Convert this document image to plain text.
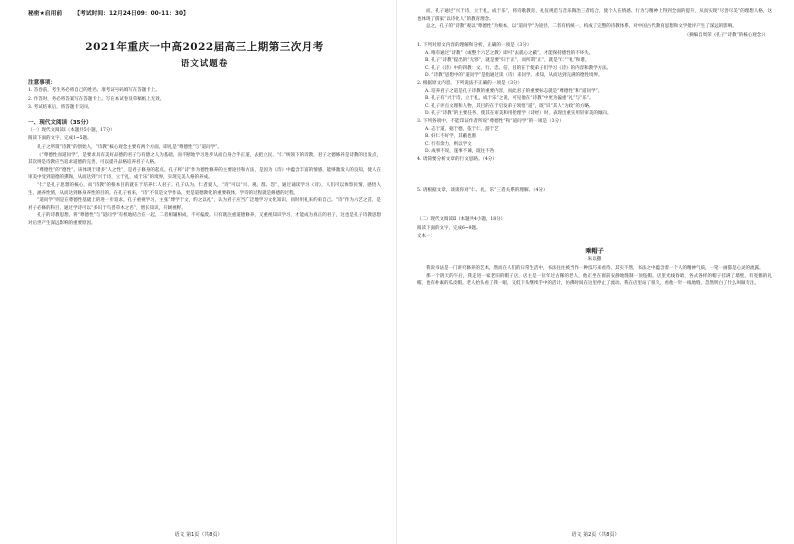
秘密★启用前 【考试时间：12月24日09：00-11：30】
2021年重庆一中高2022届高三上期第三次月考
语文试题卷
注意事项：
1. 答卷前，考生务必将自己的姓名、准考证号码填写在答题卡上。
2. 作答时，务必将答案写在答题卡上。写在本试卷及草稿纸上无效。
3. 考试结束后，将答题卡交回。
一、现代文阅读（35分）
（一）现代文阅读Ⅰ（本题共5小题，17分）
阅读下面的文字，完成1~5题。

孔子之所谓“诗教”的创始人，“诗教”核心观念主要有两个方面，即礼是“尊德性”与“道问学”。

《“尊德性而道问学”，是要求具有美好品德的君子与有德之人为基础，而不断地学习进步从而自身合乎正道，去把立民，“仁”统领下的诗教，君子之德修养是诗教的出发点，其次则是诗教应当追求道德的完善，可以提升品格培养君子人格。

“尊德性”的“德性”，该体现于诸多“人之性”，是君子修身的起点。孔子将“诗”作为德性修养的主要途径和方法，是因为《诗》中蕴含丰富的情感，能够激发人的良知，使人在审美中受到道德的熏陶，从而达到“兴于诗，立于礼，成于乐”的境界，实现完美人格的养成。

“仁”是孔子思想的核心，而“诗教”的根本目的就在于培养仁人君子。孔子认为，仁者爱人，“诗”可以“兴、观、群、怨”，通过诵读学习《诗》，人们可以体察民情，感悟人生，涵养性情，从而达到修身养性的目的。在孔子看来，“诗”不仅是文学作品，更是道德教化的重要载体，学诗的过程就是修德的过程。

“道问学”则是在尊德性基础上的进一步追求。孔子重视学习，主张“博学于文，约之以礼”，认为君子应当广泛地学习文化知识，同时用礼来约束自己。“诗”作为六艺之首，是君子必修的科目，通过学诗可以“多识于鸟兽草木之名”，增长知识，开阔视野。

孔子的诗教思想，将“尊德性”与“道问学”有机地结合在一起，二者相辅相成，不可偏废。只有既注重道德修养，又重视知识学习，才能成为真正的君子，这也是孔子诗教思想对后世产生深远影响的重要原因。

语文 第1页（共8页）

而，孔子通过“兴于诗，立于礼，成于乐”，将诗歌教育、礼仪规范与音乐陶冶三者结合，使个人在情感、行为与精神上得到全面的提升，从而实现“尽善尽美”的理想人格，这也体现了儒家“以诗化人”的教育理念。

总之，孔子的“诗教”观以“尊德性”为根本，以“道问学”为途径，二者有机统一，构成了完整的诗教体系，对中国古代教育思想和文学批评产生了深远的影响。

（摘编自周荣《孔子“诗教”的核心观念》）
1. 下列对原文内容的理解和分析，正确的一项是（3分）
A. 唯有通过“诗教”（或整个六艺之教）即可“去就心之蔽”，才能保持德性的不坏失。
B. 孔子“诗教”提出的“无邪”，就是要“归于正”，而所谓“正”，就是“仁”“礼”和谐。
C. 孔子《诗》中的四教：文、行、忠、信，目的在于使弟子们学习《诗》的内容和教学方法。
D. “诗教”思想中的“道问学”是指通过读（诗）来问学、求知，从而达到完满的德性境界。
2. 根据原文内容，下列说法不正确的一项是（3分）
A. 培养君子之道是孔子诗教的重要内容，而此君子的重要标志就是“尊德性”和“道问学”。
B. 孔子有“兴于诗，立于礼，成于乐”之说，可见他在“诗教”中更为偏重“礼”与“乐”。
C. 孔子评点文理和人物，其目的在于启发弟子领悟“道”，既“识”其人“为政”的方略。
D. 孔子“诗教”的主要任务，使其在审美和用伦理学（诗经）时，表现出重实用轻审美的倾向。
3. 下列各项中，不能印证作者所说“尊德性”和“道问学”的一项是（3分）
A. 志于道，据于德，依于仁，游于艺
B. 好仁不好学，其蔽也愚
C. 行有余力，则以学文
D. 成事不说，遂事不谏，既往不咎
4. 请简要分析文章的行文思路。（4分）
5. 请根据文章，谈谈你对“仁、礼、乐”三者关系的理解。（4分）
（二）现代文阅读Ⅱ（本题共4小题，18分）
阅读下面的文字，完成6~9题。
文本一：
乘帽子
朱以撒

我说书法是一门讲究修养的艺术，然而在人们的日常生活中，书法往往被当作一种技巧来看待。其实不然，书法之中蕴含着一个人的精神气质，一笔一画都是心灵的流露。

那一个阴天的午后，我走进一家老旧的帽子店，店主是一位年过古稀的老人，他正坐在窗前安静地缝制一顶毡帽。店里光线昏暗，各式各样的帽子挂满了墙壁，有宽檐的礼帽，也有朴素的瓜皮帽。老人抬头看了我一眼，又低下头继续手中的活计，仿佛时间在这里停止了流动。我在店里站了很久，看他一针一线地缝，忽然明白了什么叫做专注。

语文 第2页（共8页）
